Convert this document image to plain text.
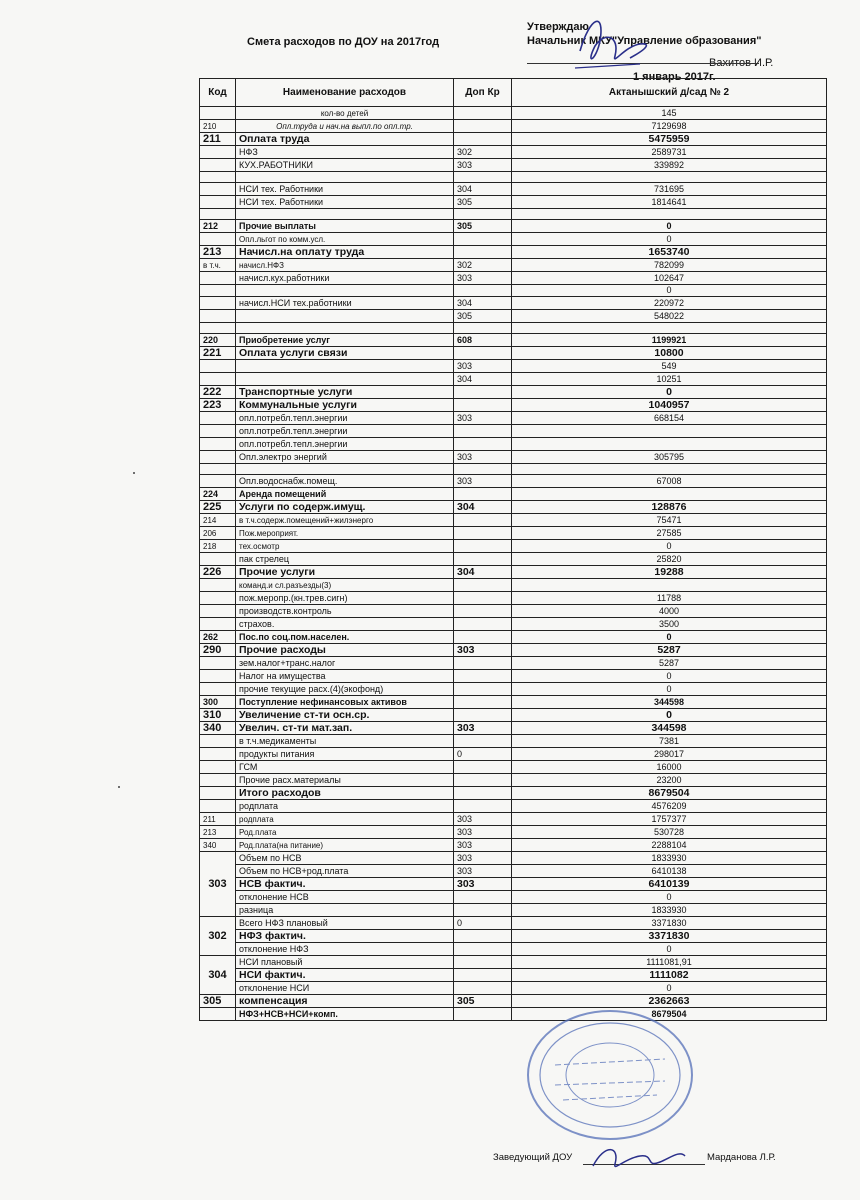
Смета расходов по ДОУ на 2017год
Утверждаю
Начальник МКУ"Управление образования"
Вахитов И.Р.
1 январь 2017г.
Код	Наименование расходов	Доп Кр	Актанышский д/сад № 2
	кол-во детей		145
210	Опл.труда и нач.на выпл.по опл.тр.		7129698
211	Оплата труда		5475959
	НФЗ	302	2589731
	КУХ.РАБОТНИКИ	303	339892

	НСИ тех. Работники	304	731695
	НСИ тех. Работники	305	1814641

212	Прочие выплаты	305	0
	Опл.льгот по комм.усл.		0
213	Начисл.на оплату труда		1653740
в т.ч.	начисл.НФЗ	302	782099
	начисл.кух.работники	303	102647
			0
	начисл.НСИ тех.работники	304	220972
		305	548022

220	Приобретение услуг	608	1199921
221	Оплата услуги связи		10800
		303	549
		304	10251
222	Транспортные услуги		0
223	Коммунальные услуги		1040957
	опл.потребл.тепл.энергии	303	668154
	опл.потребл.тепл.энергии		
	опл.потребл.тепл.энергии		
	Опл.электро энергий	303	305795

	Опл.водоснабж.помещ.	303	67008
224	Аренда помещений		
225	Услуги по содерж.имущ.	304	128876
214	в т.ч.содерж.помещений+жилэнерго		75471
206	Пож.мероприят.		27585
218	тех.осмотр		0
	пак стрелец		25820
226	Прочие услуги	304	19288
	команд.и сл.разъезды(3)		
	пож.меропр.(кн.трев.сигн)		11788
	производств.контроль		4000
	страхов.		3500
262	Пос.по соц.пом.населен.		0
290	Прочие расходы	303	5287
	зем.налог+транс.налог		5287
	Налог на имущества		0
	прочие текущие расх.(4)(экофонд)		0
300	Поступление нефинансовых активов		344598
310	Увеличение ст-ти осн.ср.		0
340	Увелич. ст-ти мат.зап.	303	344598
	в т.ч.медикаменты		7381
	продукты питания	0	298017
	ГСМ		16000
	Прочие расх.материалы		23200
	Итого расходов		8679504
	родплата		4576209
211	родплата	303	1757377
213	Род.плата	303	530728
340	Род.плата(на питание)	303	2288104
303	Объем по НСВ	303	1833930
	Объем по НСВ+род.плата	303	6410138
	НСВ фактич.	303	6410139
	отклонение НСВ		0
	разница		1833930
302	Всего НФЗ плановый	0	3371830
	НФЗ фактич.		3371830
	отклонение НФЗ		0
304	НСИ плановый		1111081,91
	НСИ фактич.		1111082
	отклонение НСИ		0
305	компенсация	305	2362663
	НФЗ+НСВ+НСИ+комп.		8679504
Заведующий ДОУ	Марданова Л.Р.
